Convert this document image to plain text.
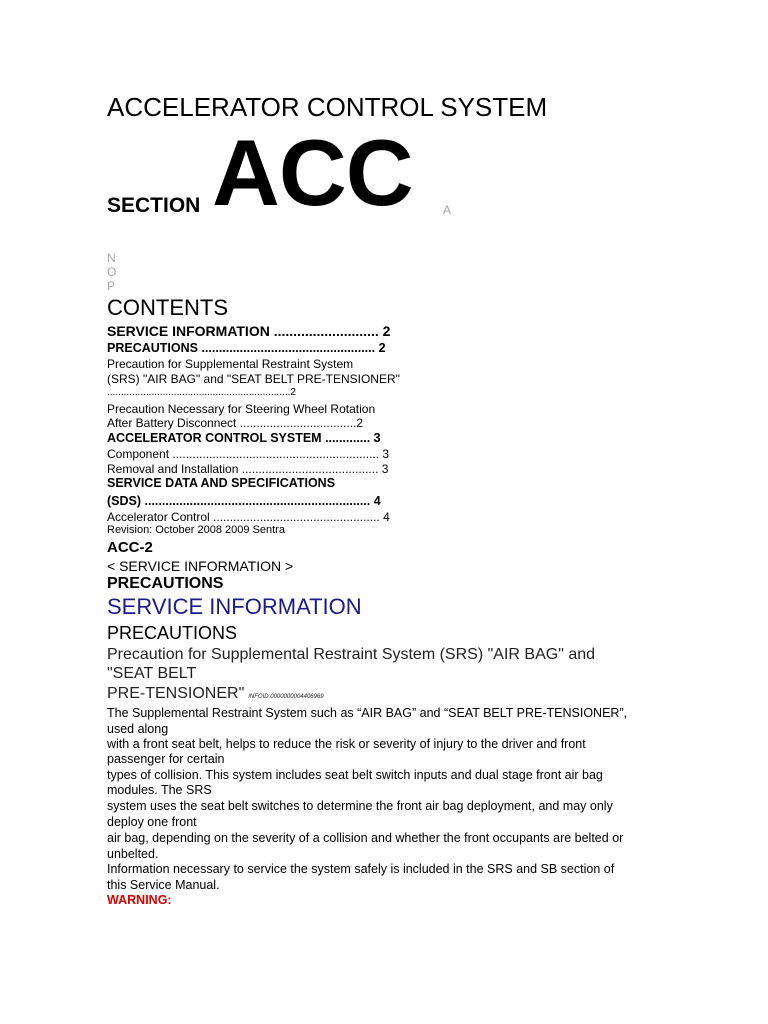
ACCELERATOR CONTROL SYSTEM
SECTION ACC	A
N
O
P
CONTENTS
SERVICE INFORMATION ........................... 2
PRECAUTIONS .................................................. 2
Precaution for Supplemental Restraint System
(SRS) "AIR BAG" and "SEAT BELT PRE-TENSIONER"
..................................................................2
Precaution Necessary for Steering Wheel Rotation
After Battery Disconnect ...................................2
ACCELERATOR CONTROL SYSTEM ............. 3
Component .............................................................. 3
Removal and Installation ......................................... 3
SERVICE DATA AND SPECIFICATIONS
(SDS) ................................................................. 4
Accelerator Control .................................................. 4
Revision: October 2008 2009 Sentra
ACC-2
< SERVICE INFORMATION >
PRECAUTIONS
SERVICE INFORMATION
PRECAUTIONS
Precaution for Supplemental Restraint System (SRS) "AIR BAG" and
"SEAT BELT
PRE-TENSIONER" INFOID:0000000004406969
The Supplemental Restraint System such as “AIR BAG” and “SEAT BELT PRE-TENSIONER”,
used along
with a front seat belt, helps to reduce the risk or severity of injury to the driver and front
passenger for certain
types of collision. This system includes seat belt switch inputs and dual stage front air bag
modules. The SRS
system uses the seat belt switches to determine the front air bag deployment, and may only
deploy one front
air bag, depending on the severity of a collision and whether the front occupants are belted or
unbelted.
Information necessary to service the system safely is included in the SRS and SB section of
this Service Manual.
WARNING:
